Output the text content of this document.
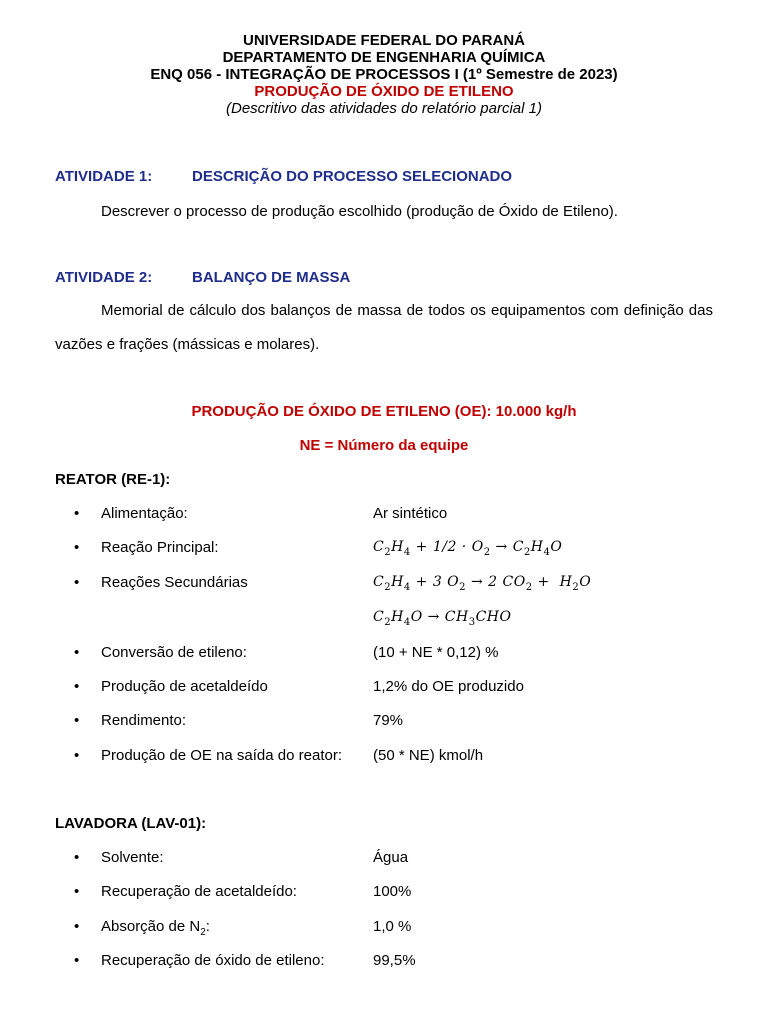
UNIVERSIDADE FEDERAL DO PARANÁ
DEPARTAMENTO DE ENGENHARIA QUÍMICA
ENQ 056 - INTEGRAÇÃO DE PROCESSOS I (1º Semestre de 2023)
PRODUÇÃO DE ÓXIDO DE ETILENO
(Descritivo das atividades do relatório parcial 1)
ATIVIDADE 1:	DESCRIÇÃO DO PROCESSO SELECIONADO
Descrever o processo de produção escolhido (produção de Óxido de Etileno).
ATIVIDADE 2:	BALANÇO DE MASSA
Memorial de cálculo dos balanços de massa de todos os equipamentos com definição das vazões e frações (mássicas e molares).
PRODUÇÃO DE ÓXIDO DE ETILENO (OE): 10.000 kg/h
NE = Número da equipe
REATOR (RE-1):
• Alimentação:	Ar sintético
• Reação Principal:	$C_2H_4 + 1/2 \cdot O_2 \to C_2H_4O$
• Reações Secundárias	$C_2H_4 + 3$ $O_2 \to 2$ $CO_2 + H_2O$
$C_2H_4O \to CH_3CHO$
• Conversão de etileno:	(10 + NE * 0,12) %
• Produção de acetaldeído	1,2% do OE produzido
• Rendimento:	79%
• Produção de OE na saída do reator: (50 * NE) kmol/h
LAVADORA (LAV-01):
• Solvente:	Água
• Recuperação de acetaldeído:	100%
• Absorção de $N_2$:	1,0 %
• Recuperação de óxido de etileno:	99,5%
